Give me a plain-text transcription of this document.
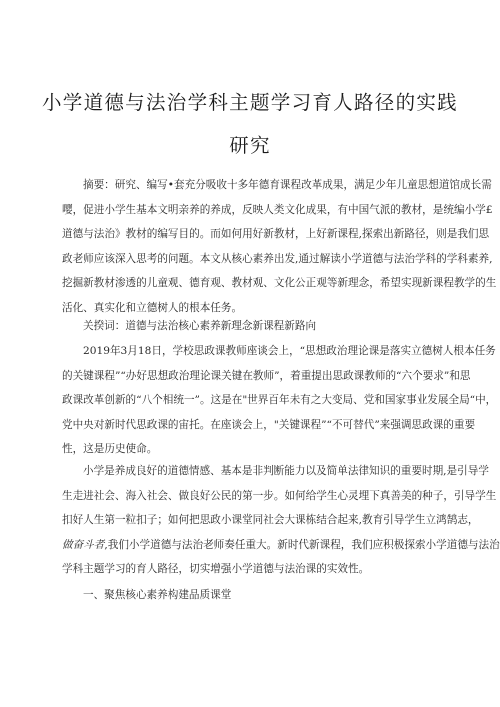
小学道德与法治学科主题学习育人路径的实践
研究
摘要：研究、编写•套充分吸收十多年德育课程改革成果，满足少年儿童思想道馆成长需
嘤，促进小学生基本文明亲养的养成，反映人类文化成果，有中国气派的教材，是统编小学£
道德与法治》教材的编写目的。而如何用好新教材，上好新课程,探索出新路径，则是我们思
政老师应该深入思考的问题。本文从核心素养出发,通过解读小学道德与法治学科的学科素养,
挖掘新教材渗透的儿童观、德育观、教材观、文化公正观等新理念，希望实现新课程教学的生
活化、真实化和立德树人的根本任务。
关揆词：道德与法治核心素养新理念新课程新路向
2019年3月18日，学校思政课教师座谈会上，“思想政治理论课是落实立德树人根本任务
的关键课程”“办好思想政治理论课关键在教师”，着重提出思政课教师的“六个要求”和思
政课改革创新的“八个相统一”。这是在"世界百年未有之大变局、党和国家事业发展全局“中，
党中央对新时代思政课的宙托。在座谈会上，"关键课程”“不可替代”来强调思政课的重要
性，这是历史使命。
小学是养成良好的道德情感、基本是非判断能力以及简单法律知识的重要时期,是引导学
生走进社会、海入社会、做良好公民的第一步。如何给学生心灵埋下真善美的种子，引导学生
扣好人生第一粒扣子；如何把思政小课堂同社会大课栋结合起来,教育引导学生立鸿鹄志，
做奋斗者,我们小学道德与法治老师奏任重大。新时代新课程，我们应积极探索小学道德与法治
学科主题学习的育人路径，切实增强小学道德与法治课的实效性。
一、聚焦核心素养构建品质课堂
